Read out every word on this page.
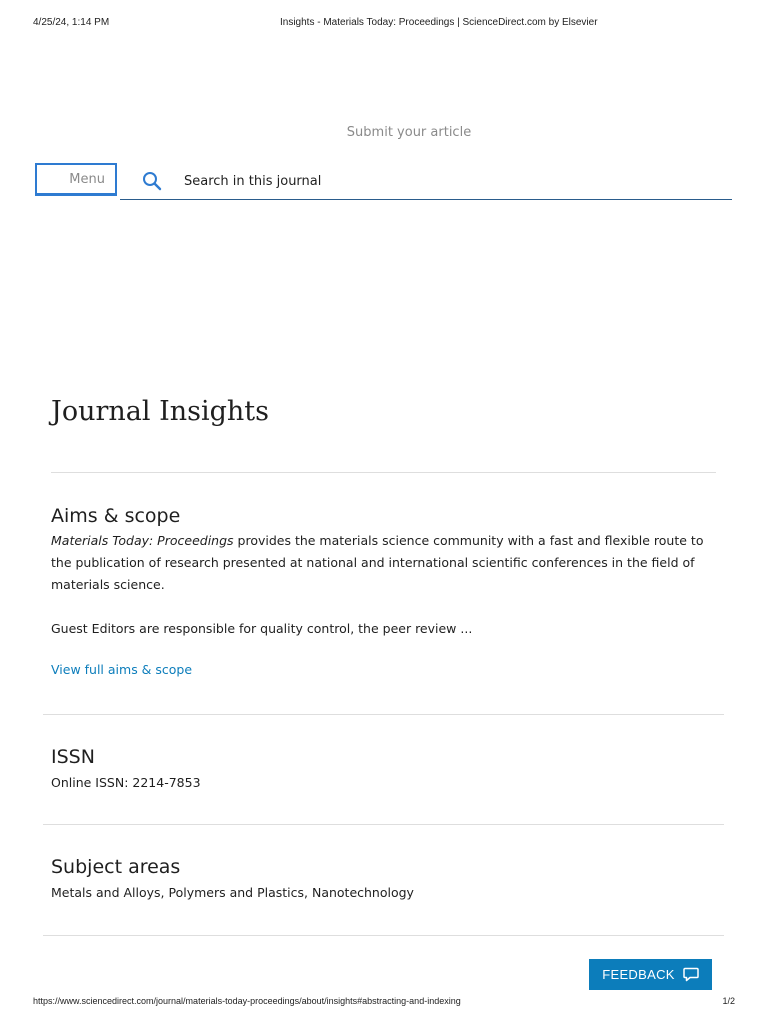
4/25/24, 1:14 PM	Insights - Materials Today: Proceedings | ScienceDirect.com by Elsevier
Submit your article
Menu
Search in this journal
Journal Insights
Aims & scope

Materials Today: Proceedings provides the materials science community with a fast and flexible route to the publication of research presented at national and international scientific conferences in the field of materials science.

Guest Editors are responsible for quality control, the peer review ...

View full aims & scope
ISSN

Online ISSN: 2214-7853

Subject areas

Metals and Alloys, Polymers and Plastics, Nanotechnology

FEEDBACK
https://www.sciencedirect.com/journal/materials-today-proceedings/about/insights#abstracting-and-indexing	1/2
